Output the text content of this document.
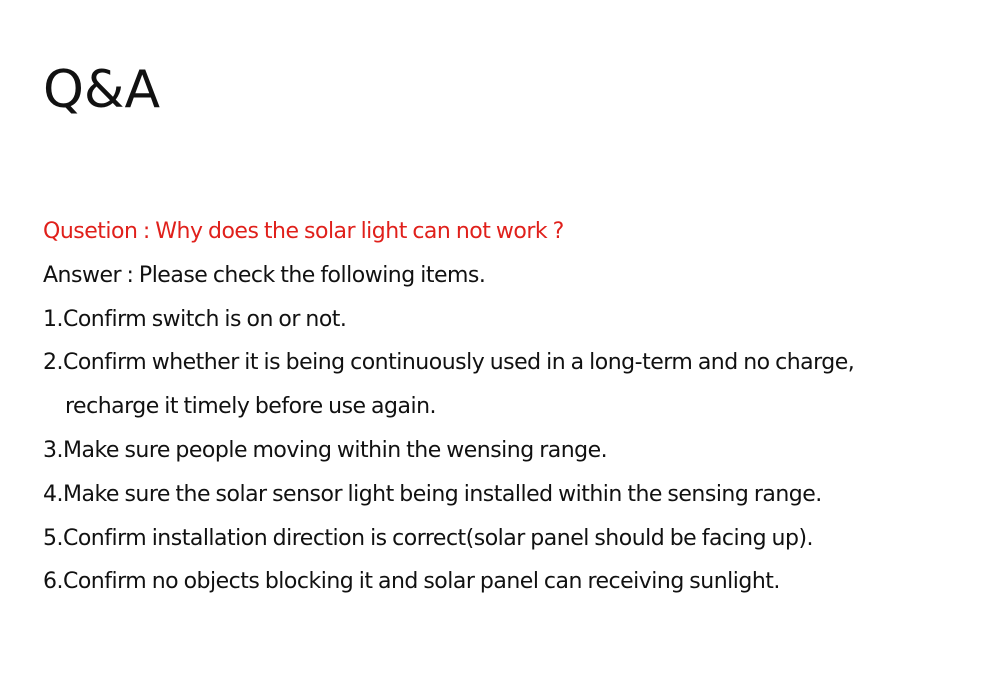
Q&A
Qusetion : Why does the solar light can not work ?
Answer : Please check the following items.
1.Confirm switch is on or not.
2.Confirm whether it is being continuously used in a long-term and no charge,
recharge it timely before use again.
3.Make sure people moving within the wensing range.
4.Make sure the solar sensor light being installed within the sensing range.
5.Confirm installation direction is correct(solar panel should be facing up).
6.Confirm no objects blocking it and solar panel can receiving sunlight.
